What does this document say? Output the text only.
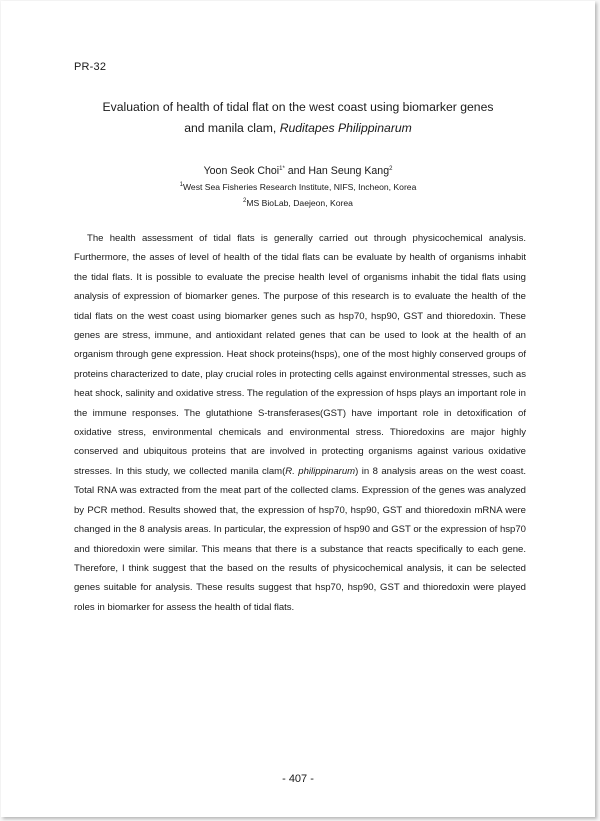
PR-32
Evaluation of health of tidal flat on the west coast using biomarker genes
and manila clam, Ruditapes Philippinarum
Yoon Seok Choi$^{1*}$ and Han Seung Kang$^2$
$^1$West Sea Fisheries Research Institute, NIFS, Incheon, Korea
$^2$MS BioLab, Daejeon, Korea

The health assessment of tidal flats is generally carried out through physicochemical analysis. Furthermore, the asses of level of health of the tidal flats can be evaluate by health of organisms inhabit the tidal flats. It is possible to evaluate the precise health level of organisms inhabit the tidal flats using analysis of expression of biomarker genes. The purpose of this research is to evaluate the health of the tidal flats on the west coast using biomarker genes such as hsp70, hsp90, GST and thioredoxin. These genes are stress, immune, and antioxidant related genes that can be used to look at the health of an organism through gene expression. Heat shock proteins(hsps), one of the most highly conserved groups of proteins characterized to date, play crucial roles in protecting cells against environmental stresses, such as heat shock, salinity and oxidative stress. The regulation of the expression of hsps plays an important role in the immune responses. The glutathione S-transferases(GST) have important role in detoxification of oxidative stress, environmental chemicals and environmental stress. Thioredoxins are major highly conserved and ubiquitous proteins that are involved in protecting organisms against various oxidative stresses. In this study, we collected manila clam(R. philippinarum) in 8 analysis areas on the west coast. Total RNA was extracted from the meat part of the collected clams. Expression of the genes was analyzed by PCR method. Results showed that, the expression of hsp70, hsp90, GST and thioredoxin mRNA were changed in the 8 analysis areas. In particular, the expression of hsp90 and GST or the expression of hsp70 and thioredoxin were similar. This means that there is a substance that reacts specifically to each gene. Therefore, I think suggest that the based on the results of physicochemical analysis, it can be selected genes suitable for analysis. These results suggest that hsp70, hsp90, GST and thioredoxin were played roles in biomarker for assess the health of tidal flats.

- 407 -
